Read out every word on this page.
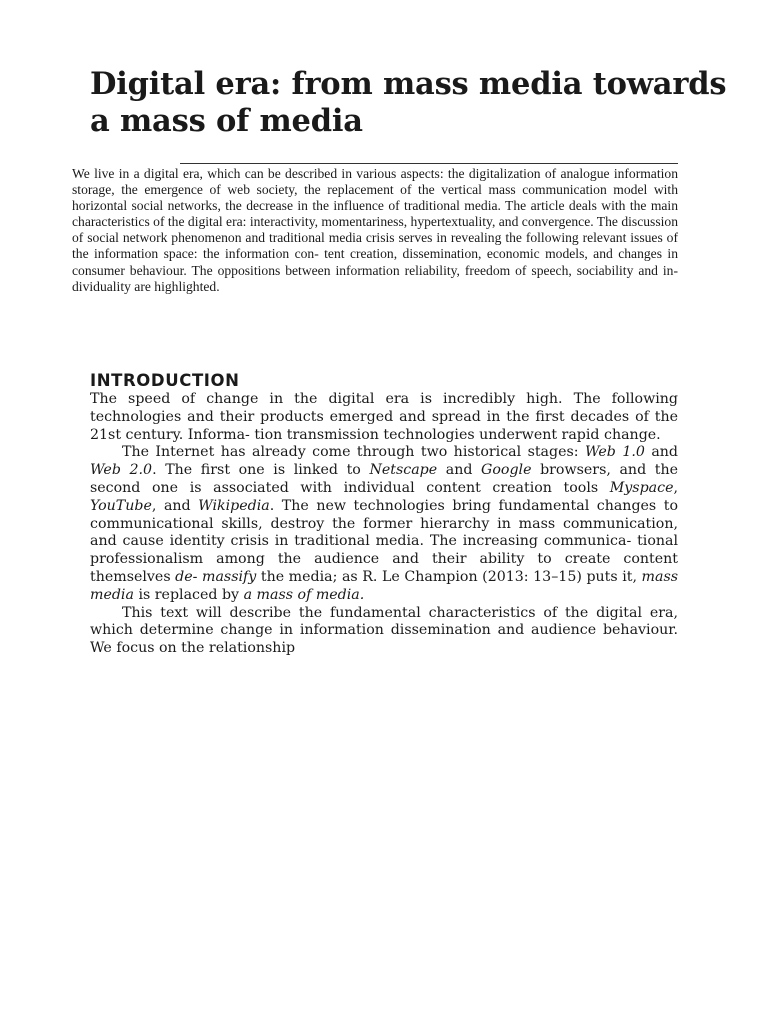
Digital era: from mass media towards
a mass of media

We live in a digital era, which can be described in various aspects: the digitalization of analogue information storage, the emergence of web society, the replacement of the vertical mass communication model with horizontal social networks, the decrease in the influence of traditional media. The article deals with the main characteristics of the digital era: interactivity, momentariness, hypertextuality, and convergence. The discussion of social network phenomenon and traditional media crisis serves in revealing the following relevant issues of the information space: the information con- tent creation, dissemination, economic models, and changes in consumer behaviour. The oppositions between information reliability, freedom of speech, sociability and in- dividuality are highlighted.

INTRODUCTION

The speed of change in the digital era is incredibly high. The following technologies and their products emerged and spread in the first decades of the 21st century. Informa- tion transmission technologies underwent rapid change.

The Internet has already come through two historical stages: Web 1.0 and Web 2.0. The first one is linked to Netscape and Google browsers, and the second one is associated with individual content creation tools Myspace, YouTube, and Wikipedia. The new technologies bring fundamental changes to communicational skills, destroy the former hierarchy in mass communication, and cause identity crisis in traditional media. The increasing communica- tional professionalism among the audience and their ability to create content themselves de- massify the media; as R. Le Champion (2013: 13–15) puts it, mass media is replaced by a mass of media.

This text will describe the fundamental characteristics of the digital era, which determine change in information dissemination and audience behaviour. We focus on the relationship
